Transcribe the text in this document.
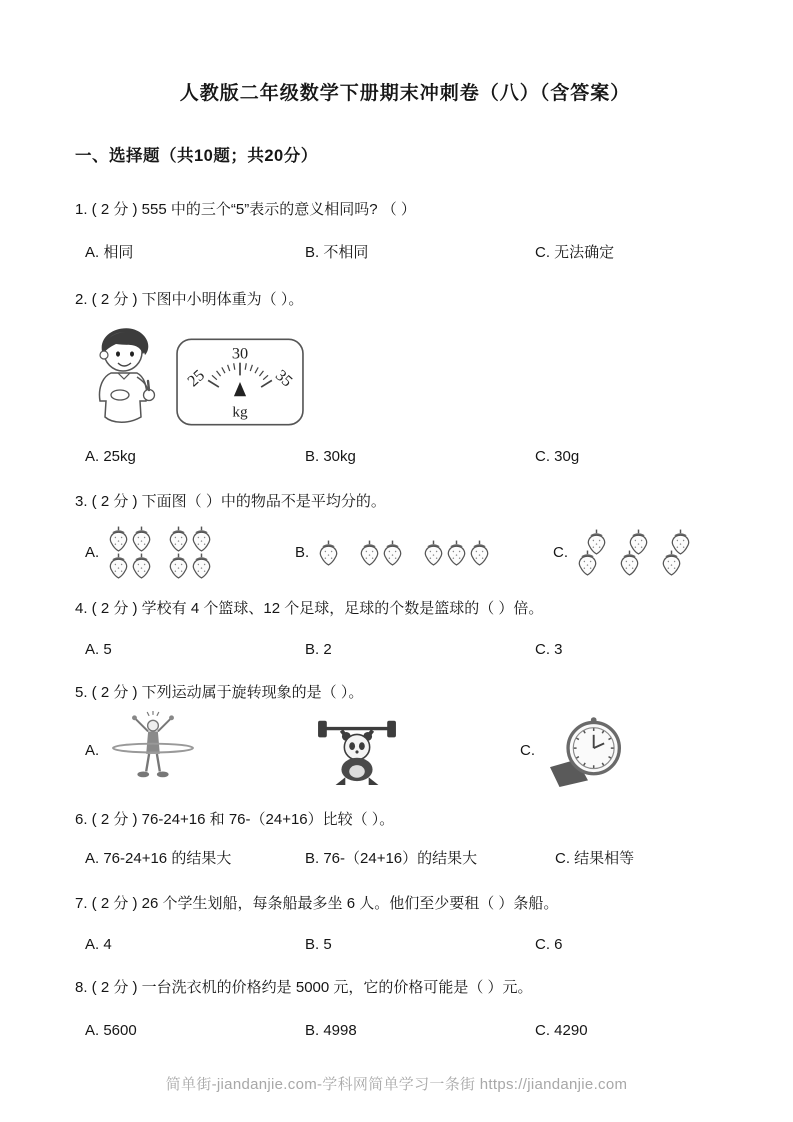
人教版二年级数学下册期末冲刺卷（八）（含答案）
一、选择题（共10题；共20分）

1. ( 2 分 ) 555 中的三个“5”表示的意义相同吗? （ ）

A. 相同	B. 不相同	C. 无法确定

2. ( 2 分 ) 下图中小明体重为（ ）。

30
25	35
kg
A. 25kg	B. 30kg	C. 30g

3. ( 2 分 ) 下面图（ ）中的物品不是平均分的。

A.	B.	C.

4. ( 2 分 ) 学校有 4 个篮球、12 个足球，足球的个数是篮球的（ ）倍。

A. 5	B. 2	C. 3

5. ( 2 分 ) 下列运动属于旋转现象的是（ ）。

A.	C.

6. ( 2 分 ) 76-24+16 和 76-（24+16）比较（ ）。

A. 76-24+16 的结果大	B. 76-（24+16）的结果大	C. 结果相等

7. ( 2 分 ) 26 个学生划船，每条船最多坐 6 人。他们至少要租（ ）条船。

A. 4	B. 5	C. 6

8. ( 2 分 ) 一台洗衣机的价格约是 5000 元，它的价格可能是（ ）元。

A. 5600	B. 4998	C. 4290
简单街-jiandanjie.com-学科网简单学习一条街 https://jiandanjie.com
